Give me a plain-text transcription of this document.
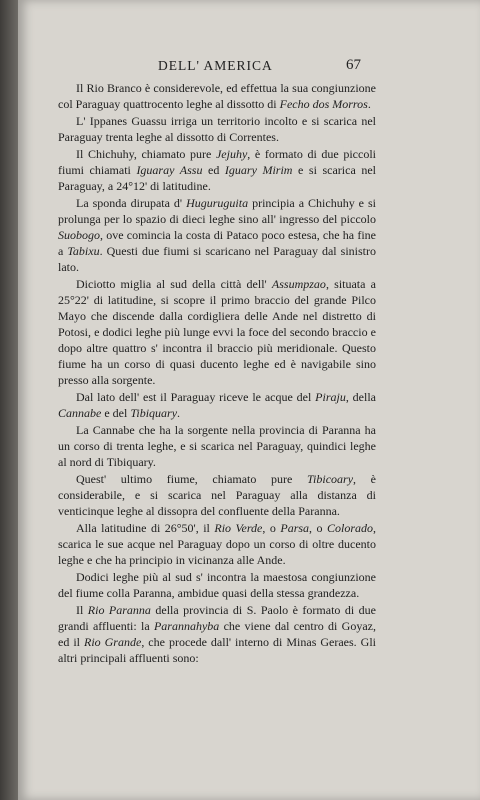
DELL' AMERICA	67

Il Rio Branco è considerevole, ed effettua la sua congiunzione col Paraguay quattrocento leghe al dissotto di Fecho dos Morros.

L' Ippanes Guassu irriga un territorio incolto e si scarica nel Paraguay trenta leghe al dissotto di Correntes.

Il Chichuhy, chiamato pure Jejuhy, è formato di due piccoli fiumi chiamati Iguaray Assu ed Iguary Mirim e si scarica nel Paraguay, a 24°12' di latitudine.

La sponda dirupata d' Huguruguita principia a Chichuhy e si prolunga per lo spazio di dieci leghe sino all' ingresso del piccolo Suobogo, ove comincia la costa di Pataco poco estesa, che ha fine a Tabixu. Questi due fiumi si scaricano nel Paraguay dal sinistro lato.

Diciotto miglia al sud della città dell' Assumpzao, situata a 25°22' di latitudine, si scopre il primo braccio del grande Pilco Mayo che discende dalla cordigliera delle Ande nel distretto di Potosi, e dodici leghe più lunge evvi la foce del secondo braccio e dopo altre quattro s' incontra il braccio più meridionale. Questo fiume ha un corso di quasi ducento leghe ed è navigabile sino presso alla sorgente.

Dal lato dell' est il Paraguay riceve le acque del Piraju, della Cannabe e del Tibiquary.

La Cannabe che ha la sorgente nella provincia di Paranna ha un corso di trenta leghe, e si scarica nel Paraguay, quindici leghe al nord di Tibiquary.

Quest' ultimo fiume, chiamato pure Tibicoary, è considerabile, e si scarica nel Paraguay alla distanza di venticinque leghe al dissopra del confluente della Paranna.

Alla latitudine di 26°50', il Rio Verde, o Parsa, o Colorado, scarica le sue acque nel Paraguay dopo un corso di oltre ducento leghe e che ha principio in vicinanza alle Ande.

Dodici leghe più al sud s' incontra la maestosa congiunzione del fiume colla Paranna, ambidue quasi della stessa grandezza.

Il Rio Paranna della provincia di S. Paolo è formato di due grandi affluenti: la Parannahyba che viene dal centro di Goyaz, ed il Rio Grande, che procede dall' interno di Minas Geraes. Gli altri principali affluenti sono:
